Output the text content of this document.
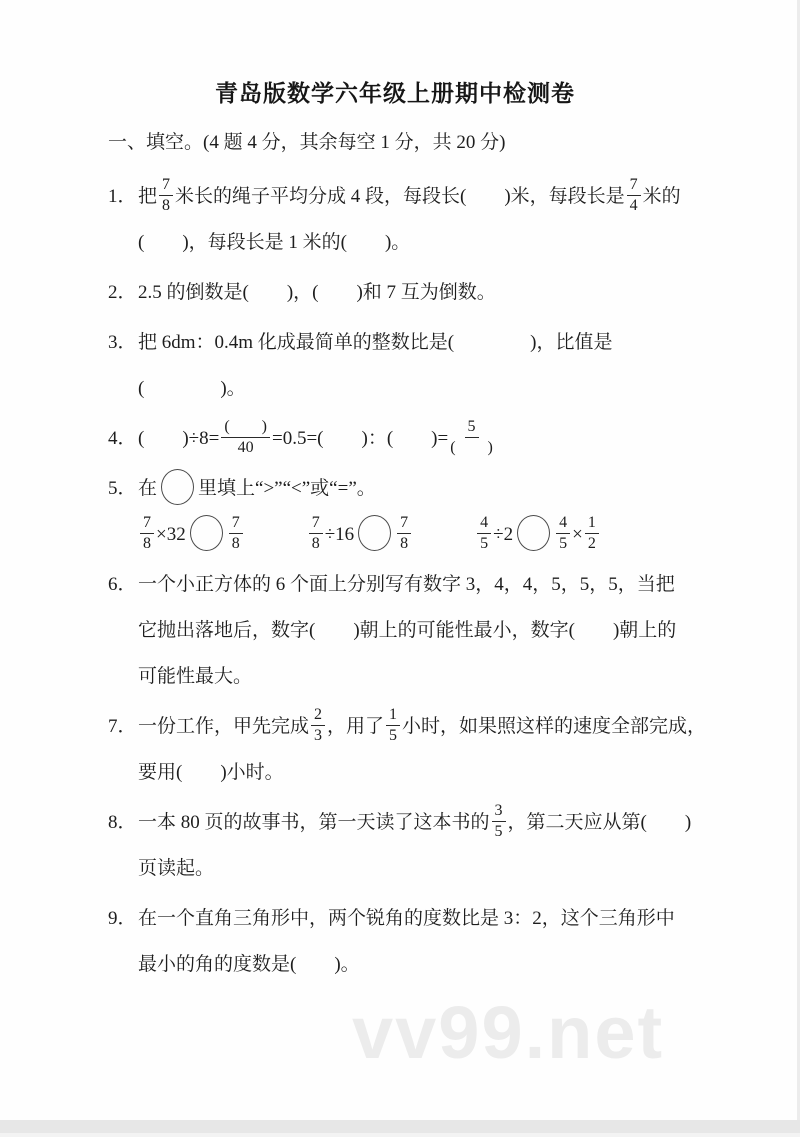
青岛版数学六年级上册期中检测卷
一、填空。(4 题 4 分，其余每空 1 分，共 20 分)
1． 把 $\frac{7}{8}$ 米长的绳子平均分成 4 段，每段长(　　)米，每段长是 $\frac{7}{4}$ 米的
(　　)，每段长是 1 米的(　　)。
2． 2.5 的倒数是(　　)，(　　)和 7 互为倒数。
3． 把 6dm：0.4m 化成最简单的整数比是(　　　　)，比值是
(　　　　)。
4． (　　)$\div 8= \frac{( )}{40} =0.5=$(　　)：(　　)= $\frac{5}{( )}$
5． 在 里填上“>”“<”或“=”。
$\frac{7}{8} \times 32$	$\frac{7}{8}$	$\frac{7}{8} \div 16$	$\frac{7}{8}$	$\frac{4}{5} \div 2$	$\frac{4}{5} \times \frac{1}{2}$
6． 一个小正方体的 6 个面上分别写有数字 3，4，4，5，5，5，当把
它抛出落地后，数字(　　)朝上的可能性最小，数字(　　)朝上的
可能性最大。
7． 一份工作，甲先完成 $\frac{2}{3}$ ，用了 $\frac{1}{5}$ 小时，如果照这样的速度全部完成，
要用(　　)小时。
8． 一本 80 页的故事书，第一天读了这本书的 $\frac{3}{5}$ ，第二天应从第(　　)
页读起。
9． 在一个直角三角形中，两个锐角的度数比是 3：2，这个三角形中
最小的角的度数是(　　)。
vv99.net
